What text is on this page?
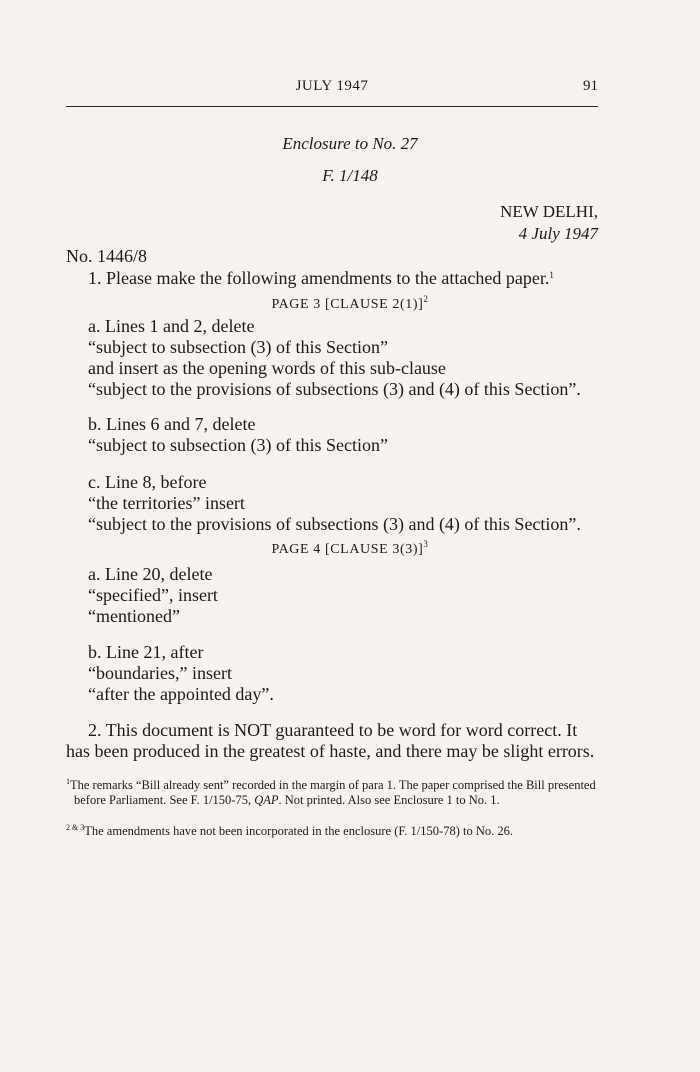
JULY 1947	91
Enclosure to No. 27
F. 1/148
NEW DELHI,
4 July 1947
No. 1446/8
1. Please make the following amendments to the attached paper.$^1$
PAGE 3 [CLAUSE 2(1)]$^2$
a. Lines 1 and 2, delete
“subject to subsection (3) of this Section”
and insert as the opening words of this sub-clause
“subject to the provisions of subsections (3) and (4) of this Section”.
b. Lines 6 and 7, delete
“subject to subsection (3) of this Section”
c. Line 8, before
“the territories” insert
“subject to the provisions of subsections (3) and (4) of this Section”.
PAGE 4 [CLAUSE 3(3)]$^3$
a. Line 20, delete
“specified”, insert
“mentioned”
b. Line 21, after
“boundaries,” insert
“after the appointed day”.
2. This document is NOT guaranteed to be word for word correct. It
has been produced in the greatest of haste, and there may be slight errors.
$^1$The remarks “Bill already sent” recorded in the margin of para 1. The paper comprised the Bill presented before Parliament. See F. 1/150-75, QAP. Not printed. Also see Enclosure 1 to No. 1.
$^{2 \& 3}$The amendments have not been incorporated in the enclosure (F. 1/150-78) to No. 26.
